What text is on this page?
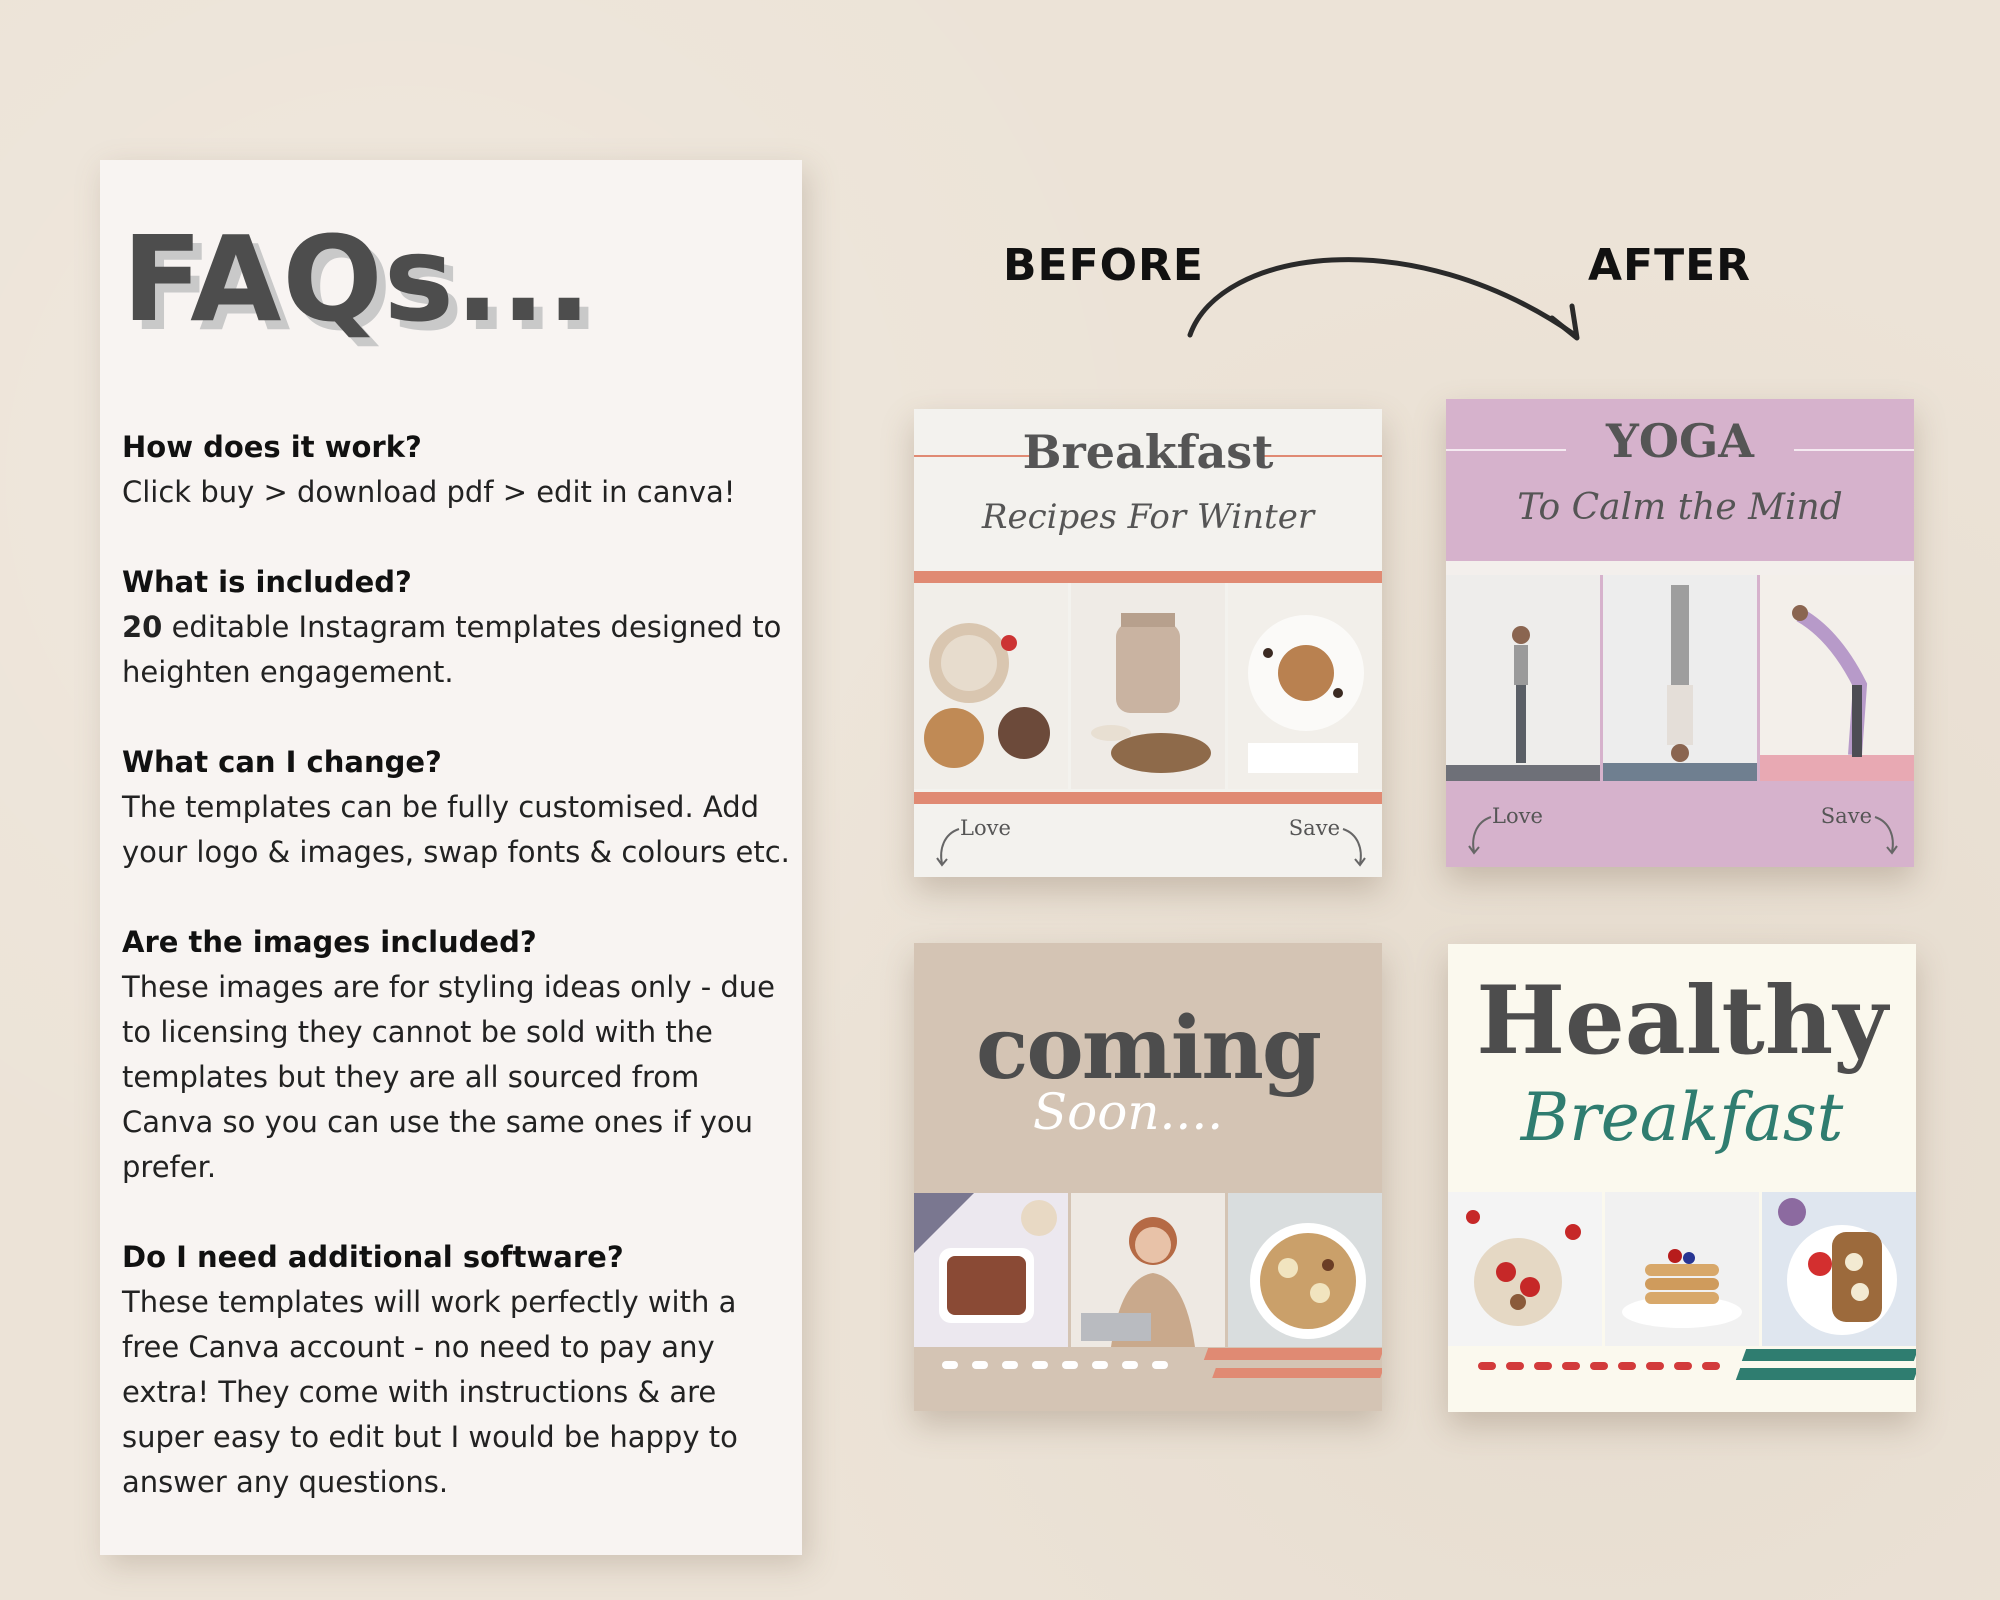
FAQs...
How does it work?
Click buy > download pdf > edit in canva!
What is included?
20 editable Instagram templates designed to heighten engagement.
What can I change?
The templates can be fully customised. Add your logo & images, swap fonts & colours etc.
Are the images included?
These images are for styling ideas only - due to licensing they cannot be sold with the templates but they are all sourced from Canva so you can use the same ones if you prefer.
Do I need additional software?
These templates will work perfectly with a free Canva account - no need to pay any extra! They come with instructions & are super easy to edit but I would be happy to answer any questions.
BEFORE	AFTER
Breakfast
Recipes For Winter
Love	Save
YOGA
To Calm the Mind
Love	Save
coming
Soon....
Healthy
Breakfast
